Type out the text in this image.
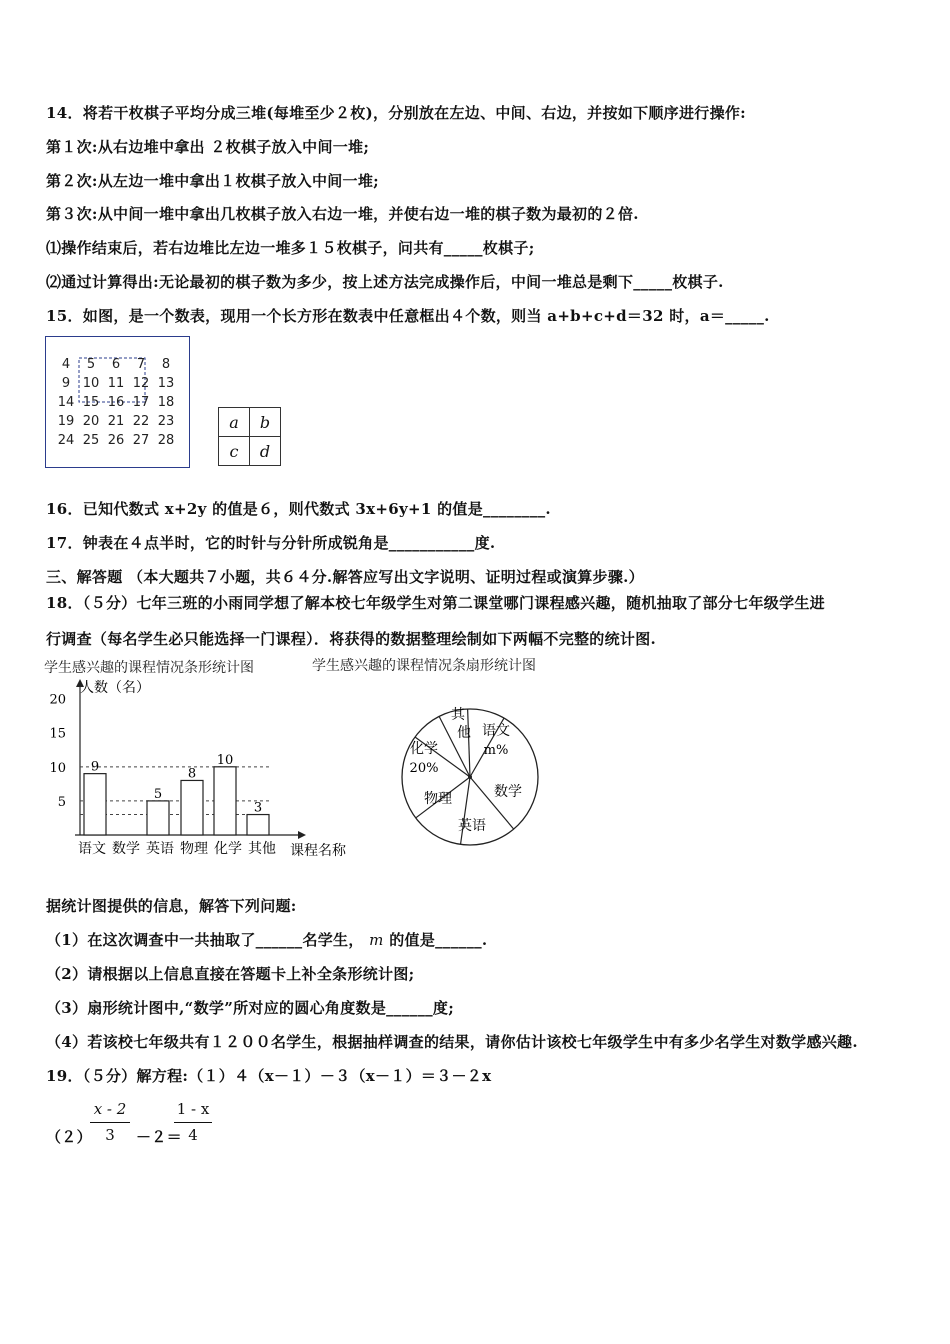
14．将若干枚棋子平均分成三堆(每堆至少２枚)，分别放在左边、中间、右边，并按如下顺序进行操作:
第１次:从右边堆中拿出 ２枚棋子放入中间一堆;
第２次:从左边一堆中拿出１枚棋子放入中间一堆;
第３次:从中间一堆中拿出几枚棋子放入右边一堆，并使右边一堆的棋子数为最初的２倍.
⑴操作结束后，若右边堆比左边一堆多１５枚棋子，问共有_____枚棋子;
⑵通过计算得出:无论最初的棋子数为多少，按上述方法完成操作后，中间一堆总是剩下_____枚棋子.
15．如图，是一个数表，现用一个长方形在数表中任意框出４个数，则当 a+b+c+d＝32 时，a＝_____.
4 5 6 7 8
9 10 11 12 13
14 15 16 17 18
19 20 21 22 23
24 25 26 27 28
a	b
c	d
16．已知代数式 x+2y 的值是６，则代数式 3x+6y+1 的值是________.
17．钟表在４点半时，它的时针与分针所成锐角是___________度.
三、解答题 （本大题共７小题，共６４分.解答应写出文字说明、证明过程或演算步骤.）
18．（５分）七年三班的小雨同学想了解本校七年级学生对第二课堂哪门课程感兴趣，随机抽取了部分七年级学生进
行调查（每名学生必只能选择一门课程）．将获得的数据整理绘制如下两幅不完整的统计图.
学生感兴趣的课程情况条形统计图	学生感兴趣的课程情况条扇形统计图
人数（名）
课程名称
5
10
15
20
9
5
8
10
3
语文 数学 英语 物理 化学 其他
语文
m%
数学
英语
物理
化学
20%
其
他
据统计图提供的信息，解答下列问题:
（1）在这次调查中一共抽取了______名学生， m 的值是______.
（2）请根据以上信息直接在答题卡上补全条形统计图;
（3）扇形统计图中,“数学”所对应的圆心角度数是______度;
（4）若该校七年级共有１２００名学生，根据抽样调查的结果，请你估计该校七年级学生中有多少名学生对数学感兴趣.
19．（５分）解方程:（１）４（x－１）－３（x－１）＝３－２x
（２）
x - 2
3	－２＝
1 - x
4
